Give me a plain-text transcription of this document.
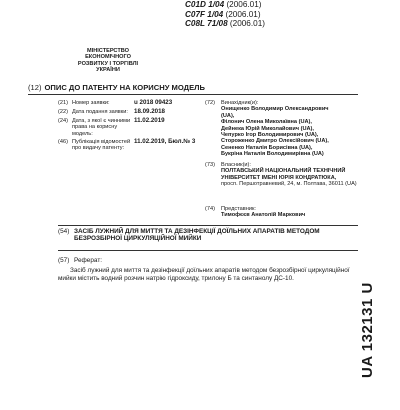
C01D 1/04 (2006.01)
C07F 1/04 (2006.01)
C08L 71/08 (2006.01)
МІНІСТЕРСТВО
ЕКОНОМІЧНОГО
РОЗВИТКУ І ТОРГІВЛІ
УКРАЇНИ
(12) ОПИС ДО ПАТЕНТУ НА КОРИСНУ МОДЕЛЬ
(21) Номер заявки:	u 2018 09423
(22) Дата подання заявки: 18.09.2018
(24) Дата, з якої є чинними права на корисну модель:
11.02.2019
(46) Публікація відомостей про видачу патенту:
11.02.2019, Бюл.№ 3
(72) Винахідник(и):
Онищенко Володимир Олександрович
(UA),
Філонич Олена Миколаївна (UA),
Дейнека Юрій Миколайович (UA),
Чепурко Ігор Володимирович (UA),
Стороженко Дмитро Олексійович (UA),
Сененко Наталія Борисівна (UA),
Букріна Наталія Володимирівна (UA)
(73) Власник(и):
ПОЛТАВСЬКИЙ НАЦІОНАЛЬНИЙ ТЕХНІЧНИЙ УНІВЕРСИТЕТ ІМЕНІ ЮРІЯ КОНДРАТЮКА,
просп. Першотравневий, 24, м. Полтава, 36011 (UA)
(74) Представник:
Тимофєєв Анатолій Маркович
(54) ЗАСІБ ЛУЖНИЙ ДЛЯ МИТТЯ ТА ДЕЗІНФЕКЦІЇ ДОЇЛЬНИХ АПАРАТІВ МЕТОДОМ БЕЗРОЗБІРНОЇ ЦИРКУЛЯЦІЙНОЇ МИЙКИ
(57) Реферат:
Засіб лужний для миття та дезінфекції доїльних апаратів методом безрозбірної циркуляційної мийки містить водний розчин натрію гідроксиду, трилону Б та синтанолу ДС-10.
UA 132131 U
